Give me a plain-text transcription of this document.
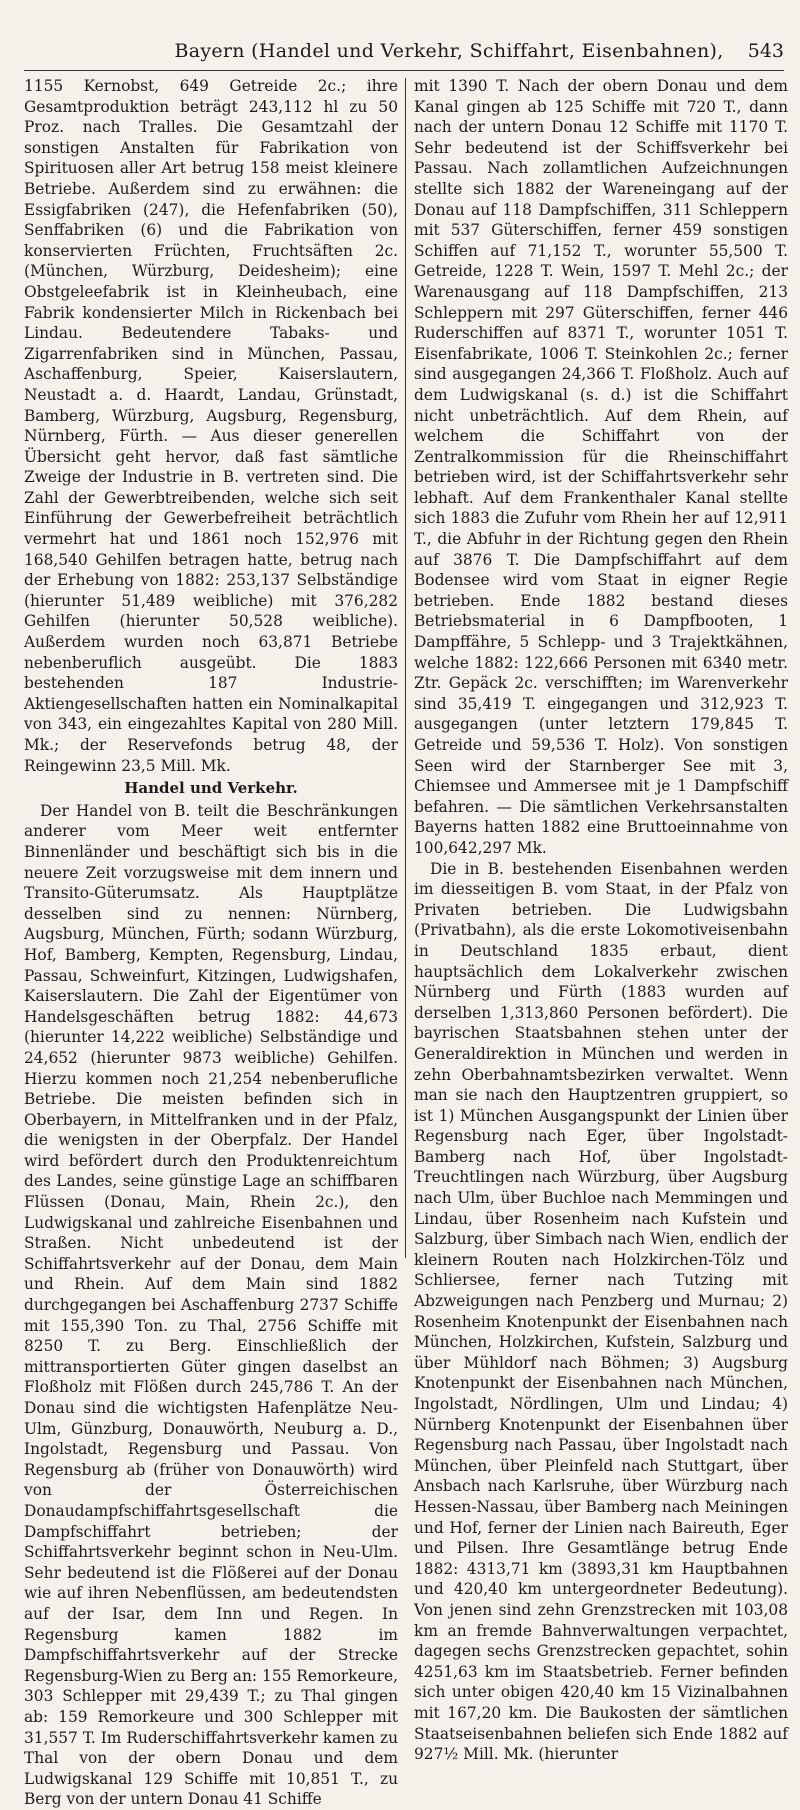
Bayern (Handel und Verkehr, Schiffahrt, Eisenbahnen), 543

1155 Kernobst, 649 Getreide 2c.; ihre Gesamtproduktion beträgt 243,112 hl zu 50 Proz. nach Tralles. Die Gesamtzahl der sonstigen Anstalten für Fabrikation von Spirituosen aller Art betrug 158 meist kleinere Betriebe. Außerdem sind zu erwähnen: die Essigfabriken (247), die Hefenfabriken (50), Senffabriken (6) und die Fabrikation von konservierten Früchten, Fruchtsäften 2c. (München, Würzburg, Deidesheim); eine Obstgeleefabrik ist in Kleinheubach, eine Fabrik kondensierter Milch in Rickenbach bei Lindau. Bedeutendere Tabaks- und Zigarrenfabriken sind in München, Passau, Aschaffenburg, Speier, Kaiserslautern, Neustadt a. d. Haardt, Landau, Grünstadt, Bamberg, Würzburg, Augsburg, Regensburg, Nürnberg, Fürth. — Aus dieser generellen Übersicht geht hervor, daß fast sämtliche Zweige der Industrie in B. vertreten sind. Die Zahl der Gewerbtreibenden, welche sich seit Einführung der Gewerbefreiheit beträchtlich vermehrt hat und 1861 noch 152,976 mit 168,540 Gehilfen betragen hatte, betrug nach der Erhebung von 1882: 253,137 Selbständige (hierunter 51,489 weibliche) mit 376,282 Gehilfen (hierunter 50,528 weibliche). Außerdem wurden noch 63,871 Betriebe nebenberuflich ausgeübt. Die 1883 bestehenden 187 Industrie-Aktiengesellschaften hatten ein Nominalkapital von 343, ein eingezahltes Kapital von 280 Mill. Mk.; der Reservefonds betrug 48, der Reingewinn 23,5 Mill. Mk.

Handel und Verkehr.

Der Handel von B. teilt die Beschränkungen anderer vom Meer weit entfernter Binnenländer und beschäftigt sich bis in die neuere Zeit vorzugsweise mit dem innern und Transito-Güterumsatz. Als Hauptplätze desselben sind zu nennen: Nürnberg, Augsburg, München, Fürth; sodann Würzburg, Hof, Bamberg, Kempten, Regensburg, Lindau, Passau, Schweinfurt, Kitzingen, Ludwigshafen, Kaiserslautern. Die Zahl der Eigentümer von Handelsgeschäften betrug 1882: 44,673 (hierunter 14,222 weibliche) Selbständige und 24,652 (hierunter 9873 weibliche) Gehilfen. Hierzu kommen noch 21,254 nebenberufliche Betriebe. Die meisten befinden sich in Oberbayern, in Mittelfranken und in der Pfalz, die wenigsten in der Oberpfalz. Der Handel wird befördert durch den Produktenreichtum des Landes, seine günstige Lage an schiffbaren Flüssen (Donau, Main, Rhein 2c.), den Ludwigskanal und zahlreiche Eisenbahnen und Straßen. Nicht unbedeutend ist der Schiffahrtsverkehr auf der Donau, dem Main und Rhein. Auf dem Main sind 1882 durchgegangen bei Aschaffenburg 2737 Schiffe mit 155,390 Ton. zu Thal, 2756 Schiffe mit 8250 T. zu Berg. Einschließlich der mittransportierten Güter gingen daselbst an Floßholz mit Flößen durch 245,786 T. An der Donau sind die wichtigsten Hafenplätze Neu-Ulm, Günzburg, Donauwörth, Neuburg a. D., Ingolstadt, Regensburg und Passau. Von Regensburg ab (früher von Donauwörth) wird von der Österreichischen Donaudampfschiffahrtsgesellschaft die Dampfschiffahrt betrieben; der Schiffahrtsverkehr beginnt schon in Neu-Ulm. Sehr bedeutend ist die Flößerei auf der Donau wie auf ihren Nebenflüssen, am bedeutendsten auf der Isar, dem Inn und Regen. In Regensburg kamen 1882 im Dampfschiffahrtsverkehr auf der Strecke Regensburg-Wien zu Berg an: 155 Remorkeure, 303 Schlepper mit 29,439 T.; zu Thal gingen ab: 159 Remorkeure und 300 Schlepper mit 31,557 T. Im Ruderschiffahrtsverkehr kamen zu Thal von der obern Donau und dem Ludwigskanal 129 Schiffe mit 10,851 T., zu Berg von der untern Donau 41 Schiffe

mit 1390 T. Nach der obern Donau und dem Kanal gingen ab 125 Schiffe mit 720 T., dann nach der untern Donau 12 Schiffe mit 1170 T. Sehr bedeutend ist der Schiffsverkehr bei Passau. Nach zollamtlichen Aufzeichnungen stellte sich 1882 der Wareneingang auf der Donau auf 118 Dampfschiffen, 311 Schleppern mit 537 Güterschiffen, ferner 459 sonstigen Schiffen auf 71,152 T., worunter 55,500 T. Getreide, 1228 T. Wein, 1597 T. Mehl 2c.; der Warenausgang auf 118 Dampfschiffen, 213 Schleppern mit 297 Güterschiffen, ferner 446 Ruderschiffen auf 8371 T., worunter 1051 T. Eisenfabrikate, 1006 T. Steinkohlen 2c.; ferner sind ausgegangen 24,366 T. Floßholz. Auch auf dem Ludwigskanal (s. d.) ist die Schiffahrt nicht unbeträchtlich. Auf dem Rhein, auf welchem die Schiffahrt von der Zentralkommission für die Rheinschiffahrt betrieben wird, ist der Schiffahrtsverkehr sehr lebhaft. Auf dem Frankenthaler Kanal stellte sich 1883 die Zufuhr vom Rhein her auf 12,911 T., die Abfuhr in der Richtung gegen den Rhein auf 3876 T. Die Dampfschiffahrt auf dem Bodensee wird vom Staat in eigner Regie betrieben. Ende 1882 bestand dieses Betriebsmaterial in 6 Dampfbooten, 1 Dampffähre, 5 Schlepp- und 3 Trajektkähnen, welche 1882: 122,666 Personen mit 6340 metr. Ztr. Gepäck 2c. verschifften; im Warenverkehr sind 35,419 T. eingegangen und 312,923 T. ausgegangen (unter letztern 179,845 T. Getreide und 59,536 T. Holz). Von sonstigen Seen wird der Starnberger See mit 3, Chiemsee und Ammersee mit je 1 Dampfschiff befahren. — Die sämtlichen Verkehrsanstalten Bayerns hatten 1882 eine Bruttoeinnahme von 100,642,297 Mk.

Die in B. bestehenden Eisenbahnen werden im diesseitigen B. vom Staat, in der Pfalz von Privaten betrieben. Die Ludwigsbahn (Privatbahn), als die erste Lokomotiveisenbahn in Deutschland 1835 erbaut, dient hauptsächlich dem Lokalverkehr zwischen Nürnberg und Fürth (1883 wurden auf derselben 1,313,860 Personen befördert). Die bayrischen Staatsbahnen stehen unter der Generaldirektion in München und werden in zehn Oberbahnamtsbezirken verwaltet. Wenn man sie nach den Hauptzentren gruppiert, so ist 1) München Ausgangspunkt der Linien über Regensburg nach Eger, über Ingolstadt-Bamberg nach Hof, über Ingolstadt-Treuchtlingen nach Würzburg, über Augsburg nach Ulm, über Buchloe nach Memmingen und Lindau, über Rosenheim nach Kufstein und Salzburg, über Simbach nach Wien, endlich der kleinern Routen nach Holzkirchen-Tölz und Schliersee, ferner nach Tutzing mit Abzweigungen nach Penzberg und Murnau; 2) Rosenheim Knotenpunkt der Eisenbahnen nach München, Holzkirchen, Kufstein, Salzburg und über Mühldorf nach Böhmen; 3) Augsburg Knotenpunkt der Eisenbahnen nach München, Ingolstadt, Nördlingen, Ulm und Lindau; 4) Nürnberg Knotenpunkt der Eisenbahnen über Regensburg nach Passau, über Ingolstadt nach München, über Pleinfeld nach Stuttgart, über Ansbach nach Karlsruhe, über Würzburg nach Hessen-Nassau, über Bamberg nach Meiningen und Hof, ferner der Linien nach Baireuth, Eger und Pilsen. Ihre Gesamtlänge betrug Ende 1882: 4313,71 km (3893,31 km Hauptbahnen und 420,40 km untergeordneter Bedeutung). Von jenen sind zehn Grenzstrecken mit 103,08 km an fremde Bahnverwaltungen verpachtet, dagegen sechs Grenzstrecken gepachtet, sohin 4251,63 km im Staatsbetrieb. Ferner befinden sich unter obigen 420,40 km 15 Vizinalbahnen mit 167,20 km. Die Baukosten der sämtlichen Staatseisenbahnen beliefen sich Ende 1882 auf 927½ Mill. Mk. (hierunter
